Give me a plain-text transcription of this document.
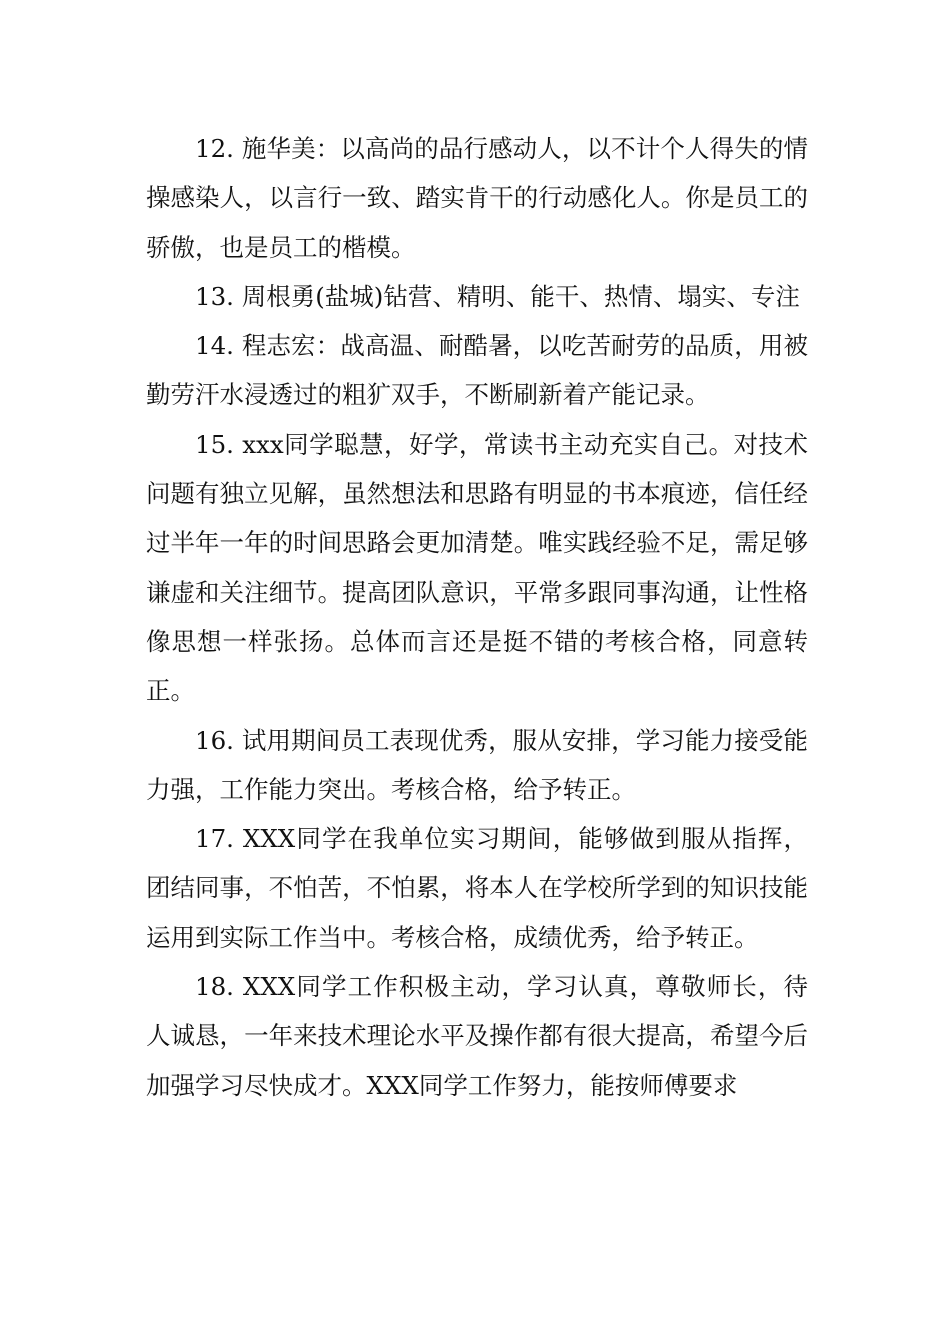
12. 施华美：以高尚的品行感动人，以不计个人得失的情操感染人，以言行一致、踏实肯干的行动感化人。你是员工的骄傲，也是员工的楷模。

13. 周根勇(盐城)钻营、精明、能干、热情、塌实、专注

14. 程志宏：战高温、耐酷暑，以吃苦耐劳的品质，用被勤劳汗水浸透过的粗犷双手，不断刷新着产能记录。

15. xxx同学聪慧，好学，常读书主动充实自己。对技术问题有独立见解，虽然想法和思路有明显的书本痕迹，信任经过半年一年的时间思路会更加清楚。唯实践经验不足，需足够谦虚和关注细节。提高团队意识，平常多跟同事沟通，让性格像思想一样张扬。总体而言还是挺不错的考核合格，同意转正。

16. 试用期间员工表现优秀，服从安排，学习能力接受能力强，工作能力突出。考核合格，给予转正。

17. XXX同学在我单位实习期间，能够做到服从指挥，团结同事，不怕苦，不怕累，将本人在学校所学到的知识技能运用到实际工作当中。考核合格，成绩优秀，给予转正。

18. XXX同学工作积极主动，学习认真，尊敬师长，待人诚恳，一年来技术理论水平及操作都有很大提高，希望今后加强学习尽快成才。XXX同学工作努力，能按师傅要求
